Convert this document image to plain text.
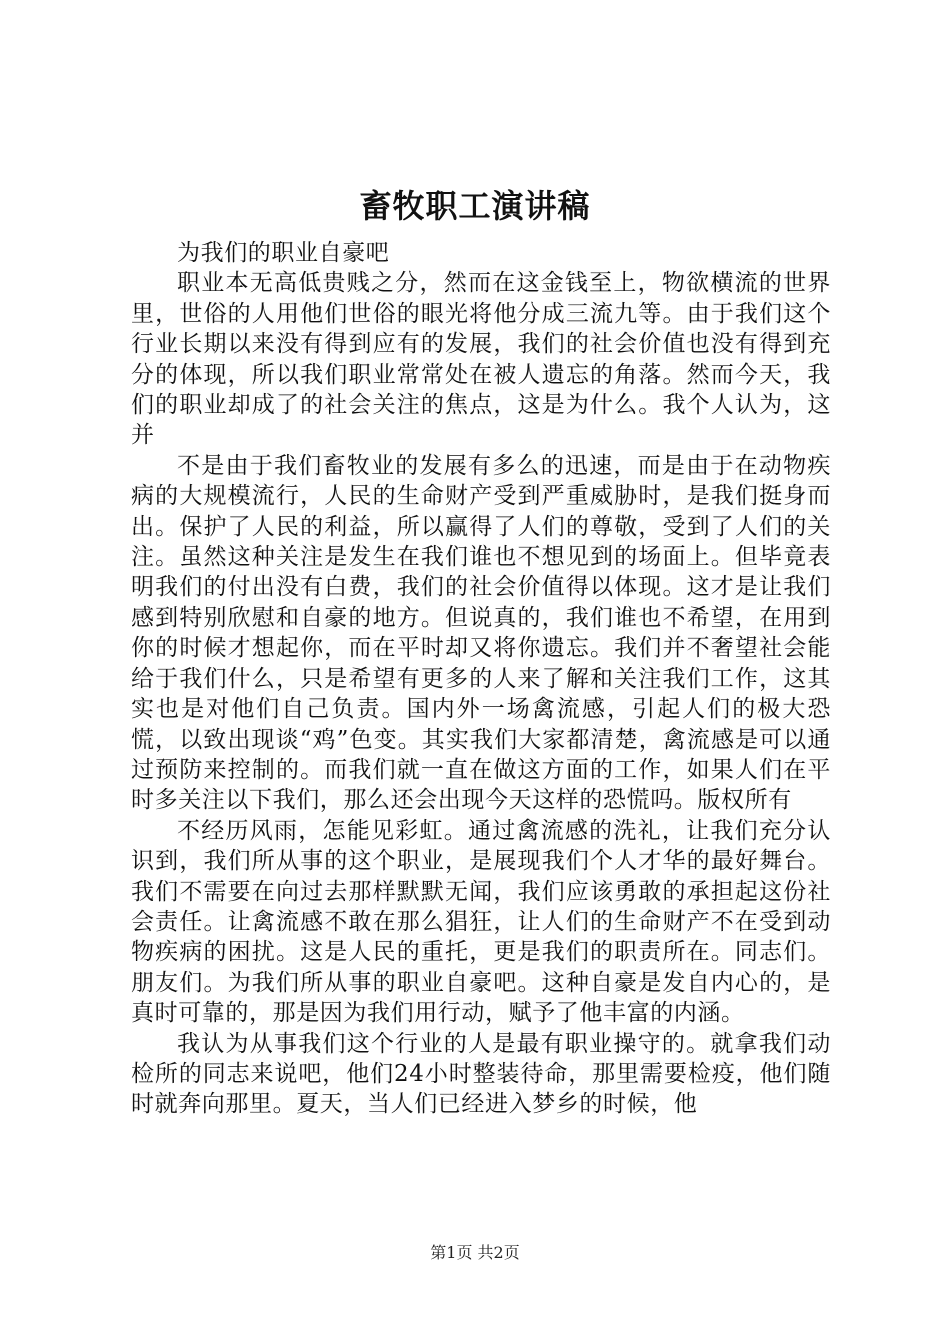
畜牧职工演讲稿

为我们的职业自豪吧

职业本无高低贵贱之分，然而在这金钱至上，物欲横流的世界里，世俗的人用他们世俗的眼光将他分成三流九等。由于我们这个行业长期以来没有得到应有的发展，我们的社会价值也没有得到充分的体现，所以我们职业常常处在被人遗忘的角落。然而今天，我们的职业却成了的社会关注的焦点，这是为什么。我个人认为，这并

不是由于我们畜牧业的发展有多么的迅速，而是由于在动物疾病的大规模流行，人民的生命财产受到严重威胁时，是我们挺身而出。保护了人民的利益，所以赢得了人们的尊敬，受到了人们的关注。虽然这种关注是发生在我们谁也不想见到的场面上。但毕竟表明我们的付出没有白费，我们的社会价值得以体现。这才是让我们感到特别欣慰和自豪的地方。但说真的，我们谁也不希望，在用到你的时候才想起你，而在平时却又将你遗忘。我们并不奢望社会能给于我们什么，只是希望有更多的人来了解和关注我们工作，这其实也是对他们自己负责。国内外一场禽流感，引起人们的极大恐慌，以致出现谈“鸡”色变。其实我们大家都清楚，禽流感是可以通过预防来控制的。而我们就一直在做这方面的工作，如果人们在平时多关注以下我们，那么还会出现今天这样的恐慌吗。版权所有

不经历风雨，怎能见彩虹。通过禽流感的洗礼，让我们充分认识到，我们所从事的这个职业，是展现我们个人才华的最好舞台。我们不需要在向过去那样默默无闻，我们应该勇敢的承担起这份社会责任。让禽流感不敢在那么猖狂，让人们的生命财产不在受到动物疾病的困扰。这是人民的重托，更是我们的职责所在。同志们。朋友们。为我们所从事的职业自豪吧。这种自豪是发自内心的，是真时可靠的，那是因为我们用行动，赋予了他丰富的内涵。

我认为从事我们这个行业的人是最有职业操守的。就拿我们动检所的同志来说吧，他们24小时整装待命，那里需要检疫，他们随时就奔向那里。夏天，当人们已经进入梦乡的时候，他

第1页 共2页
